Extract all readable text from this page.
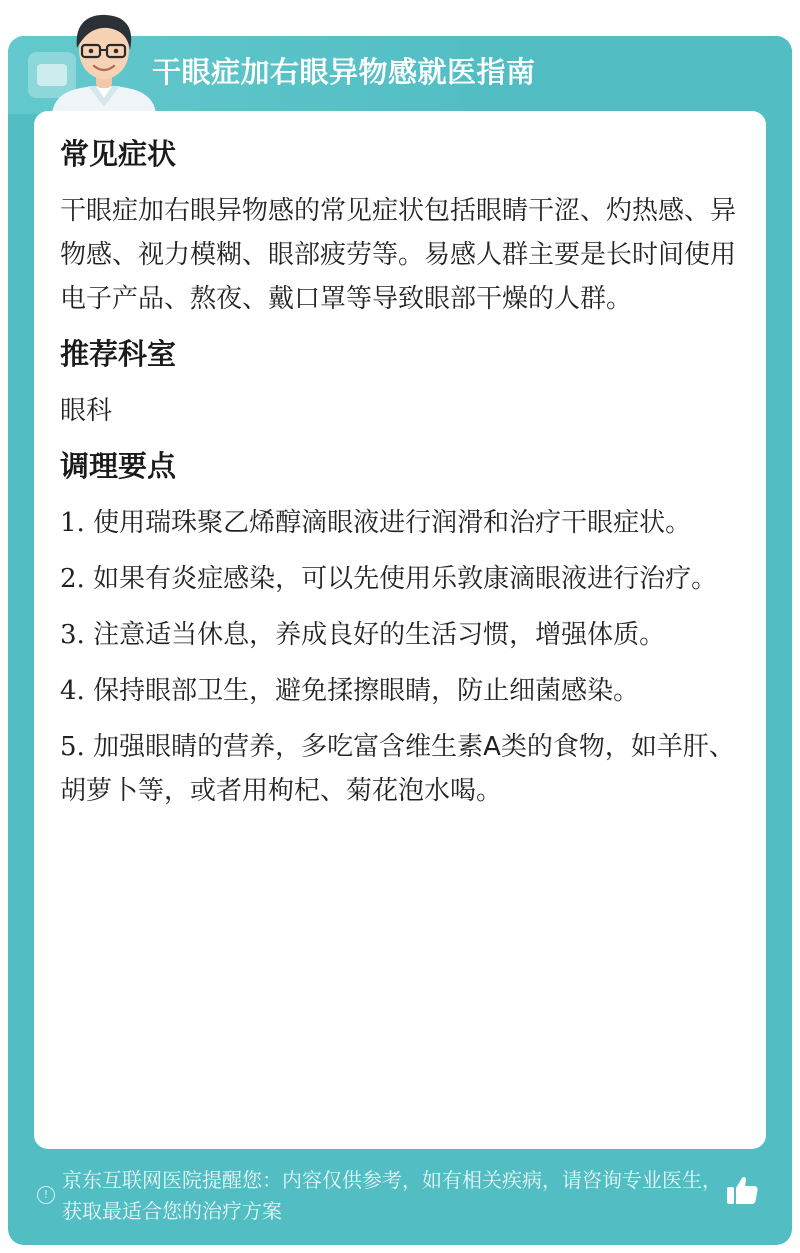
干眼症加右眼异物感就医指南
常见症状
干眼症加右眼异物感的常见症状包括眼睛干涩、灼热感、异物感、视力模糊、眼部疲劳等。易感人群主要是长时间使用电子产品、熬夜、戴口罩等导致眼部干燥的人群。
推荐科室
眼科
调理要点
1. 使用瑞珠聚乙烯醇滴眼液进行润滑和治疗干眼症状。
2. 如果有炎症感染，可以先使用乐敦康滴眼液进行治疗。
3. 注意适当休息，养成良好的生活习惯，增强体质。
4. 保持眼部卫生，避免揉擦眼睛，防止细菌感染。
5. 加强眼睛的营养，多吃富含维生素A类的食物，如羊肝、胡萝卜等，或者用枸杞、菊花泡水喝。
!
京东互联网医院提醒您：内容仅供参考，如有相关疾病，请咨询专业医生，获取最适合您的治疗方案
